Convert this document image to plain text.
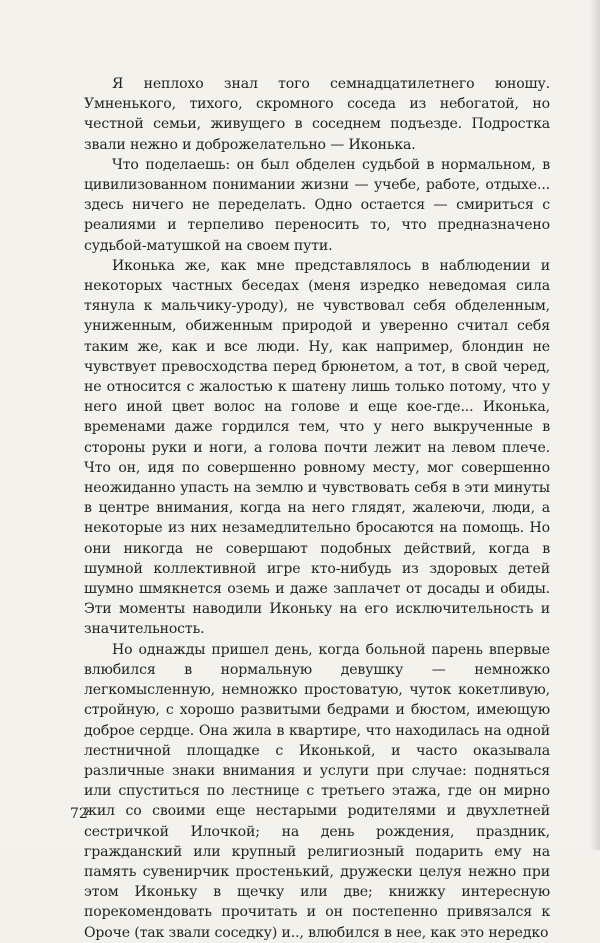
Я неплохо знал того семнадцатилетнего юношу. Умненького, тихого, скромного соседа из небогатой, но честной семьи, живущего в соседнем подъезде. Подростка звали нежно и доброжелательно — Иконька.

Что поделаешь: он был обделен судьбой в нормальном, в цивилизованном понимании жизни — учебе, работе, отдыхе... здесь ничего не переделать. Одно остается — смириться с реалиями и терпеливо переносить то, что предназначено судьбой-матушкой на своем пути.

Иконька же, как мне представлялось в наблюдении и некоторых частных беседах (меня изредко неведомая сила тянула к мальчику-уроду), не чувствовал себя обделенным, униженным, обиженным природой и уверенно считал себя таким же, как и все люди. Ну, как например, блондин не чувствует превосходства перед брюнетом, а тот, в свой черед, не относится с жалостью к шатену лишь только потому, что у него иной цвет волос на голове и еще кое-где... Иконька, временами даже гордился тем, что у него выкрученные в стороны руки и ноги, а голова почти лежит на левом плече. Что он, идя по совершенно ровному месту, мог совершенно неожиданно упасть на землю и чувствовать себя в эти минуты в центре внимания, когда на него глядят, жалеючи, люди, а некоторые из них незамедлительно бросаются на помощь. Но они никогда не совершают подобных действий, когда в шумной коллективной игре кто-нибудь из здоровых детей шумно шмякнется оземь и даже заплачет от досады и обиды. Эти моменты наводили Иконьку на его исключительность и значительность.

Но однажды пришел день, когда больной парень впервые влюбился в нормальную девушку — немножко легкомысленную, немножко простоватую, чуток кокетливую, стройную, с хорошо развитыми бедрами и бюстом, имеющую доброе сердце. Она жила в квартире, что находилась на одной лестничной площадке с Иконькой, и часто оказывала различные знаки внимания и услуги при случае: подняться или спуститься по лестнице с третьего этажа, где он мирно жил со своими еще нестарыми родителями и двухлетней сестричкой Илочкой; на день рождения, праздник, гражданский или крупный религиозный подарить ему на память сувенирчик простенький, дружески целуя нежно при этом Иконьку в щечку или две; книжку интересную порекомендовать прочитать и он постепенно привязался к Ороче (так звали соседку) и.., влюбился в нее, как это нередко

72
